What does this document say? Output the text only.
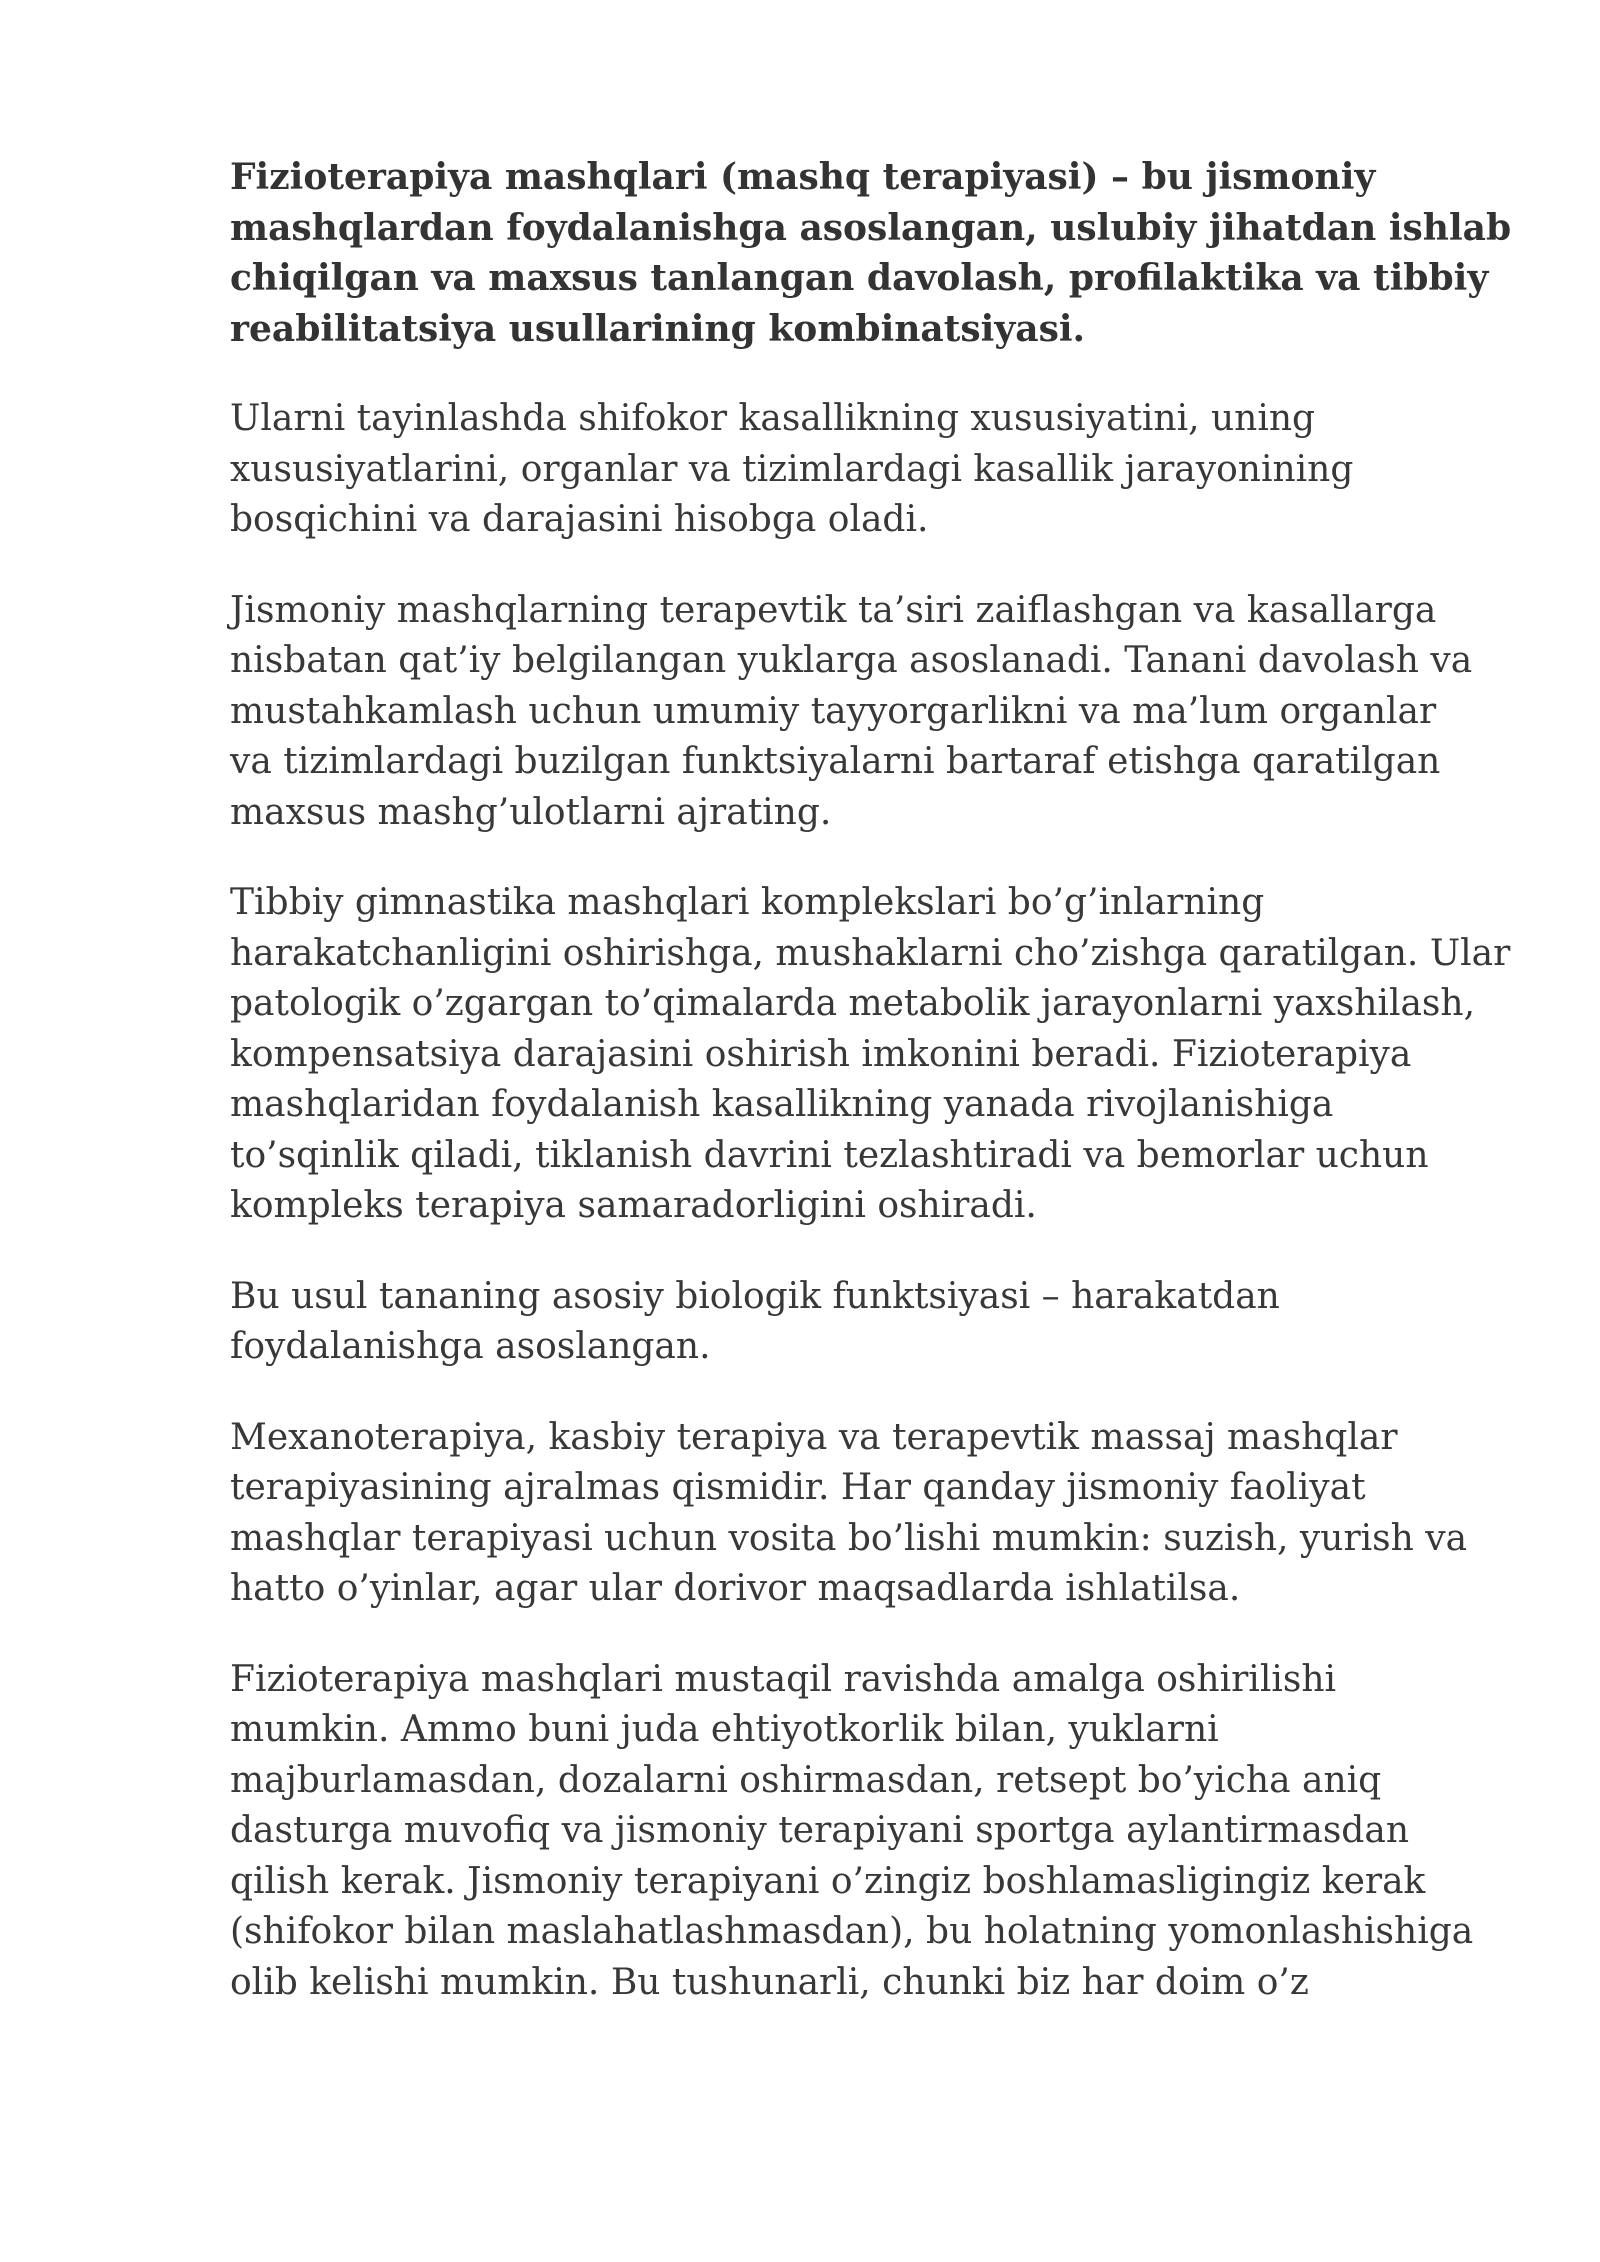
Fizioterapiya mashqlari (mashq terapiyasi) – bu jismoniy
mashqlardan foydalanishga asoslangan, uslubiy jihatdan ishlab
chiqilgan va maxsus tanlangan davolash, profilaktika va tibbiy
reabilitatsiya usullarining kombinatsiyasi.

Ularni tayinlashda shifokor kasallikning xususiyatini, uning
xususiyatlarini, organlar va tizimlardagi kasallik jarayonining
bosqichini va darajasini hisobga oladi.

Jismoniy mashqlarning terapevtik ta’siri zaiflashgan va kasallarga
nisbatan qat’iy belgilangan yuklarga asoslanadi. Tanani davolash va
mustahkamlash uchun umumiy tayyorgarlikni va ma’lum organlar
va tizimlardagi buzilgan funktsiyalarni bartaraf etishga qaratilgan
maxsus mashg’ulotlarni ajrating.

Tibbiy gimnastika mashqlari komplekslari bo’g’inlarning
harakatchanligini oshirishga, mushaklarni cho’zishga qaratilgan. Ular
patologik o’zgargan to’qimalarda metabolik jarayonlarni yaxshilash,
kompensatsiya darajasini oshirish imkonini beradi. Fizioterapiya
mashqlaridan foydalanish kasallikning yanada rivojlanishiga
to’sqinlik qiladi, tiklanish davrini tezlashtiradi va bemorlar uchun
kompleks terapiya samaradorligini oshiradi.

Bu usul tananing asosiy biologik funktsiyasi – harakatdan
foydalanishga asoslangan.

Mexanoterapiya, kasbiy terapiya va terapevtik massaj mashqlar
terapiyasining ajralmas qismidir. Har qanday jismoniy faoliyat
mashqlar terapiyasi uchun vosita bo’lishi mumkin: suzish, yurish va
hatto o’yinlar, agar ular dorivor maqsadlarda ishlatilsa.

Fizioterapiya mashqlari mustaqil ravishda amalga oshirilishi
mumkin. Ammo buni juda ehtiyotkorlik bilan, yuklarni
majburlamasdan, dozalarni oshirmasdan, retsept bo’yicha aniq
dasturga muvofiq va jismoniy terapiyani sportga aylantirmasdan
qilish kerak. Jismoniy terapiyani o’zingiz boshlamasligingiz kerak
(shifokor bilan maslahatlashmasdan), bu holatning yomonlashishiga
olib kelishi mumkin. Bu tushunarli, chunki biz har doim o’z
